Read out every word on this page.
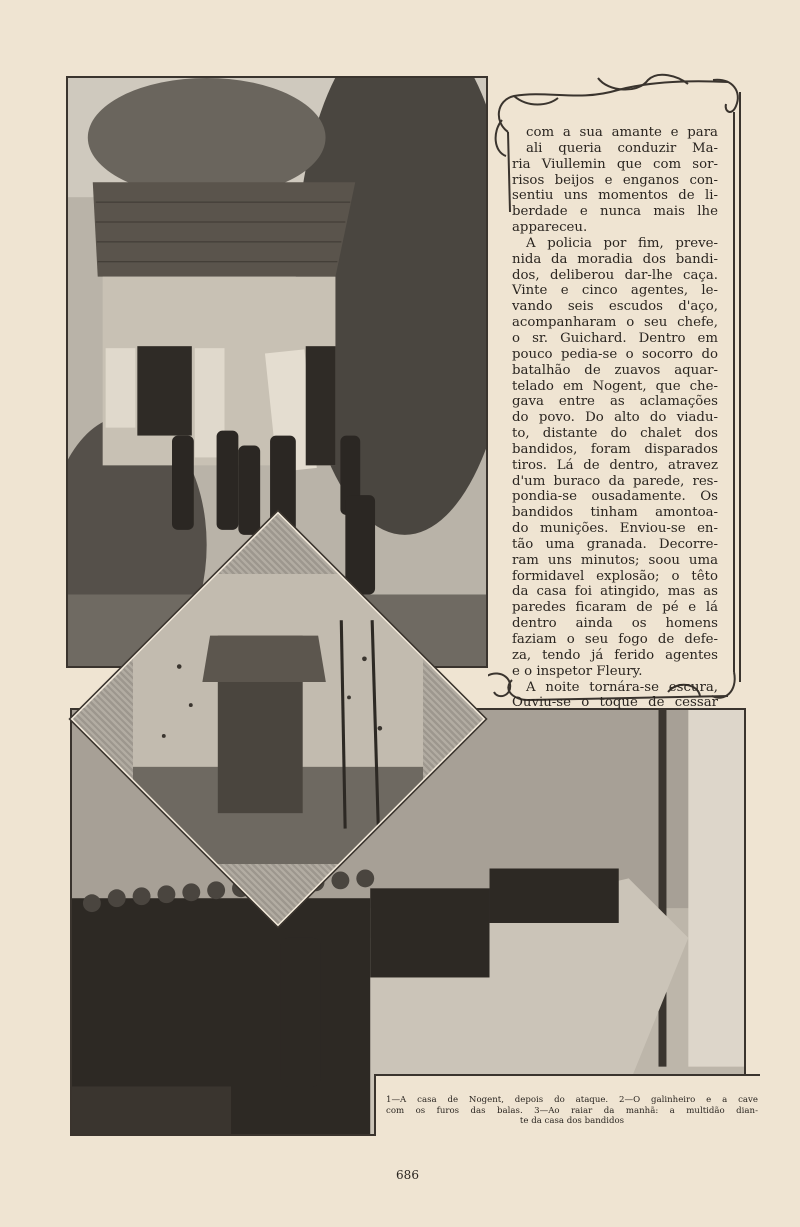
com a sua amante e para
ali queria conduzir Ma-
ria Viullemin que com sor-
risos beijos e enganos con-
sentiu uns momentos de li-
berdade e nunca mais lhe
appareceu.
A policia por fim, preve-
nida da moradia dos bandi-
dos, deliberou dar-lhe caça.
Vinte e cinco agentes, le-
vando seis escudos d'aço,
acompanharam o seu chefe,
o sr. Guichard. Dentro em
pouco pedia-se o socorro do
batalhão de zuavos aquar-
telado em Nogent, que che-
gava entre as aclamações
do povo. Do alto do viadu-
to, distante do chalet dos
bandidos, foram disparados
tiros. Lá de dentro, atravez
d'um buraco da parede, res-
pondia-se ousadamente. Os
bandidos tinham amontoa-
do munições. Enviou-se en-
tão uma granada. Decorre-
ram uns minutos; soou uma
formidavel explosão; o têto
da casa foi atingido, mas as
paredes ficaram de pé e lá
dentro ainda os homens
faziam o seu fogo de defe-
za, tendo já ferido agentes
e o inspetor Fleury.
A noite tornára-se escura,
Ouviu-se o toque de cessar
1—A casa de Nogent, depois do ataque. 2—O galinheiro e a cave
com os furos das balas. 3—Ao raiar da manhã: a multidão dian-
te da casa dos bandidos
686
